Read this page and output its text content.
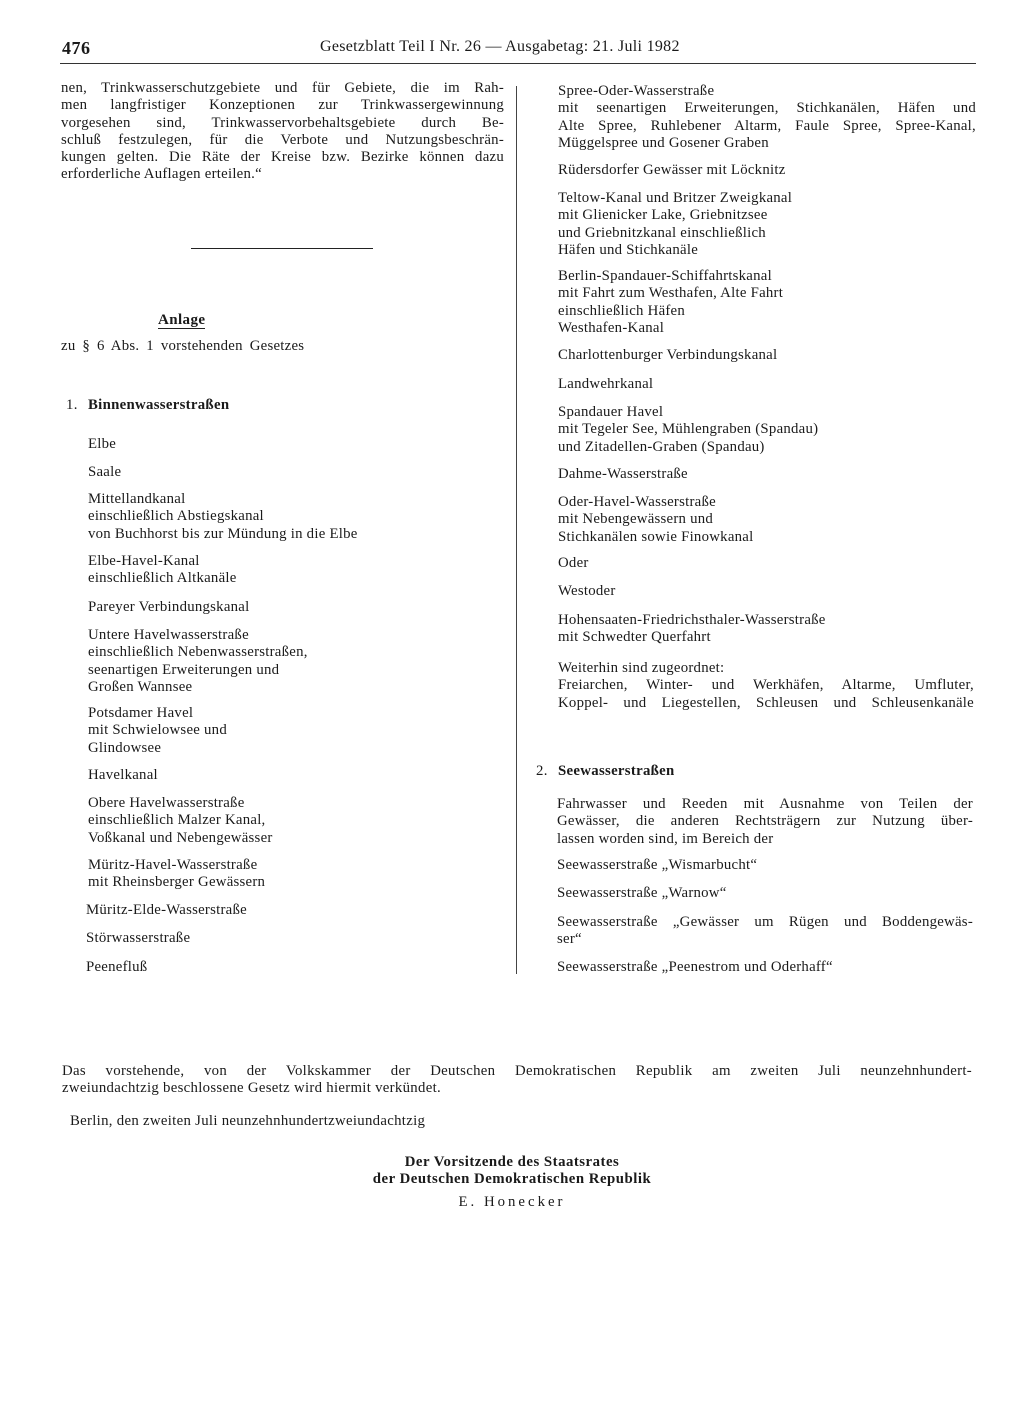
476	Gesetzblatt Teil I Nr. 26 — Ausgabetag: 21. Juli 1982
nen, Trinkwasserschutzgebiete und für Gebiete, die im Rah-
men langfristiger Konzeptionen zur Trinkwassergewinnung
vorgesehen sind, Trinkwasservorbehaltsgebiete durch Be-
schluß festzulegen, für die Verbote und Nutzungsbeschrän-
kungen gelten. Die Räte der Kreise bzw. Bezirke können dazu
erforderliche Auflagen erteilen.“
Anlage
zu § 6 Abs. 1 vorstehenden Gesetzes
1. Binnenwasserstraßen
Elbe
Saale
Mittellandkanal
einschließlich Abstiegskanal
von Buchhorst bis zur Mündung in die Elbe
Elbe-Havel-Kanal
einschließlich Altkanäle
Pareyer Verbindungskanal
Untere Havelwasserstraße
einschließlich Nebenwasserstraßen,
seenartigen Erweiterungen und
Großen Wannsee
Potsdamer Havel
mit Schwielowsee und
Glindowsee
Havelkanal
Obere Havelwasserstraße
einschließlich Malzer Kanal,
Voßkanal und Nebengewässer
Müritz-Havel-Wasserstraße
mit Rheinsberger Gewässern
Müritz-Elde-Wasserstraße
Störwasserstraße
Peenefluß
Spree-Oder-Wasserstraße
mit seenartigen Erweiterungen, Stichkanälen, Häfen und
Alte Spree, Ruhlebener Altarm, Faule Spree, Spree-Kanal,
Müggelspree und Gosener Graben
Rüdersdorfer Gewässer mit Löcknitz
Teltow-Kanal und Britzer Zweigkanal
mit Glienicker Lake, Griebnitzsee
und Griebnitzkanal einschließlich
Häfen und Stichkanäle
Berlin-Spandauer-Schiffahrtskanal
mit Fahrt zum Westhafen, Alte Fahrt
einschließlich Häfen
Westhafen-Kanal
Charlottenburger Verbindungskanal
Landwehrkanal
Spandauer Havel
mit Tegeler See, Mühlengraben (Spandau)
und Zitadellen-Graben (Spandau)
Dahme-Wasserstraße
Oder-Havel-Wasserstraße
mit Nebengewässern und
Stichkanälen sowie Finowkanal
Oder
Westoder
Hohensaaten-Friedrichsthaler-Wasserstraße
mit Schwedter Querfahrt
Weiterhin sind zugeordnet:
Freiarchen, Winter- und Werkhäfen, Altarme, Umfluter,
Koppel- und Liegestellen, Schleusen und Schleusenkanäle
2. Seewasserstraßen
Fahrwasser und Reeden mit Ausnahme von Teilen der
Gewässer, die anderen Rechtsträgern zur Nutzung über-
lassen worden sind, im Bereich der
Seewasserstraße „Wismarbucht“
Seewasserstraße „Warnow“
Seewasserstraße „Gewässer um Rügen und Boddengewäs-
ser“
Seewasserstraße „Peenestrom und Oderhaff“
Das vorstehende, von der Volkskammer der Deutschen Demokratischen Republik am zweiten Juli neunzehnhundert-
zweiundachtzig beschlossene Gesetz wird hiermit verkündet.
Berlin, den zweiten Juli neunzehnhundertzweiundachtzig
Der Vorsitzende des Staatsrates
der Deutschen Demokratischen Republik
E. Honecker
